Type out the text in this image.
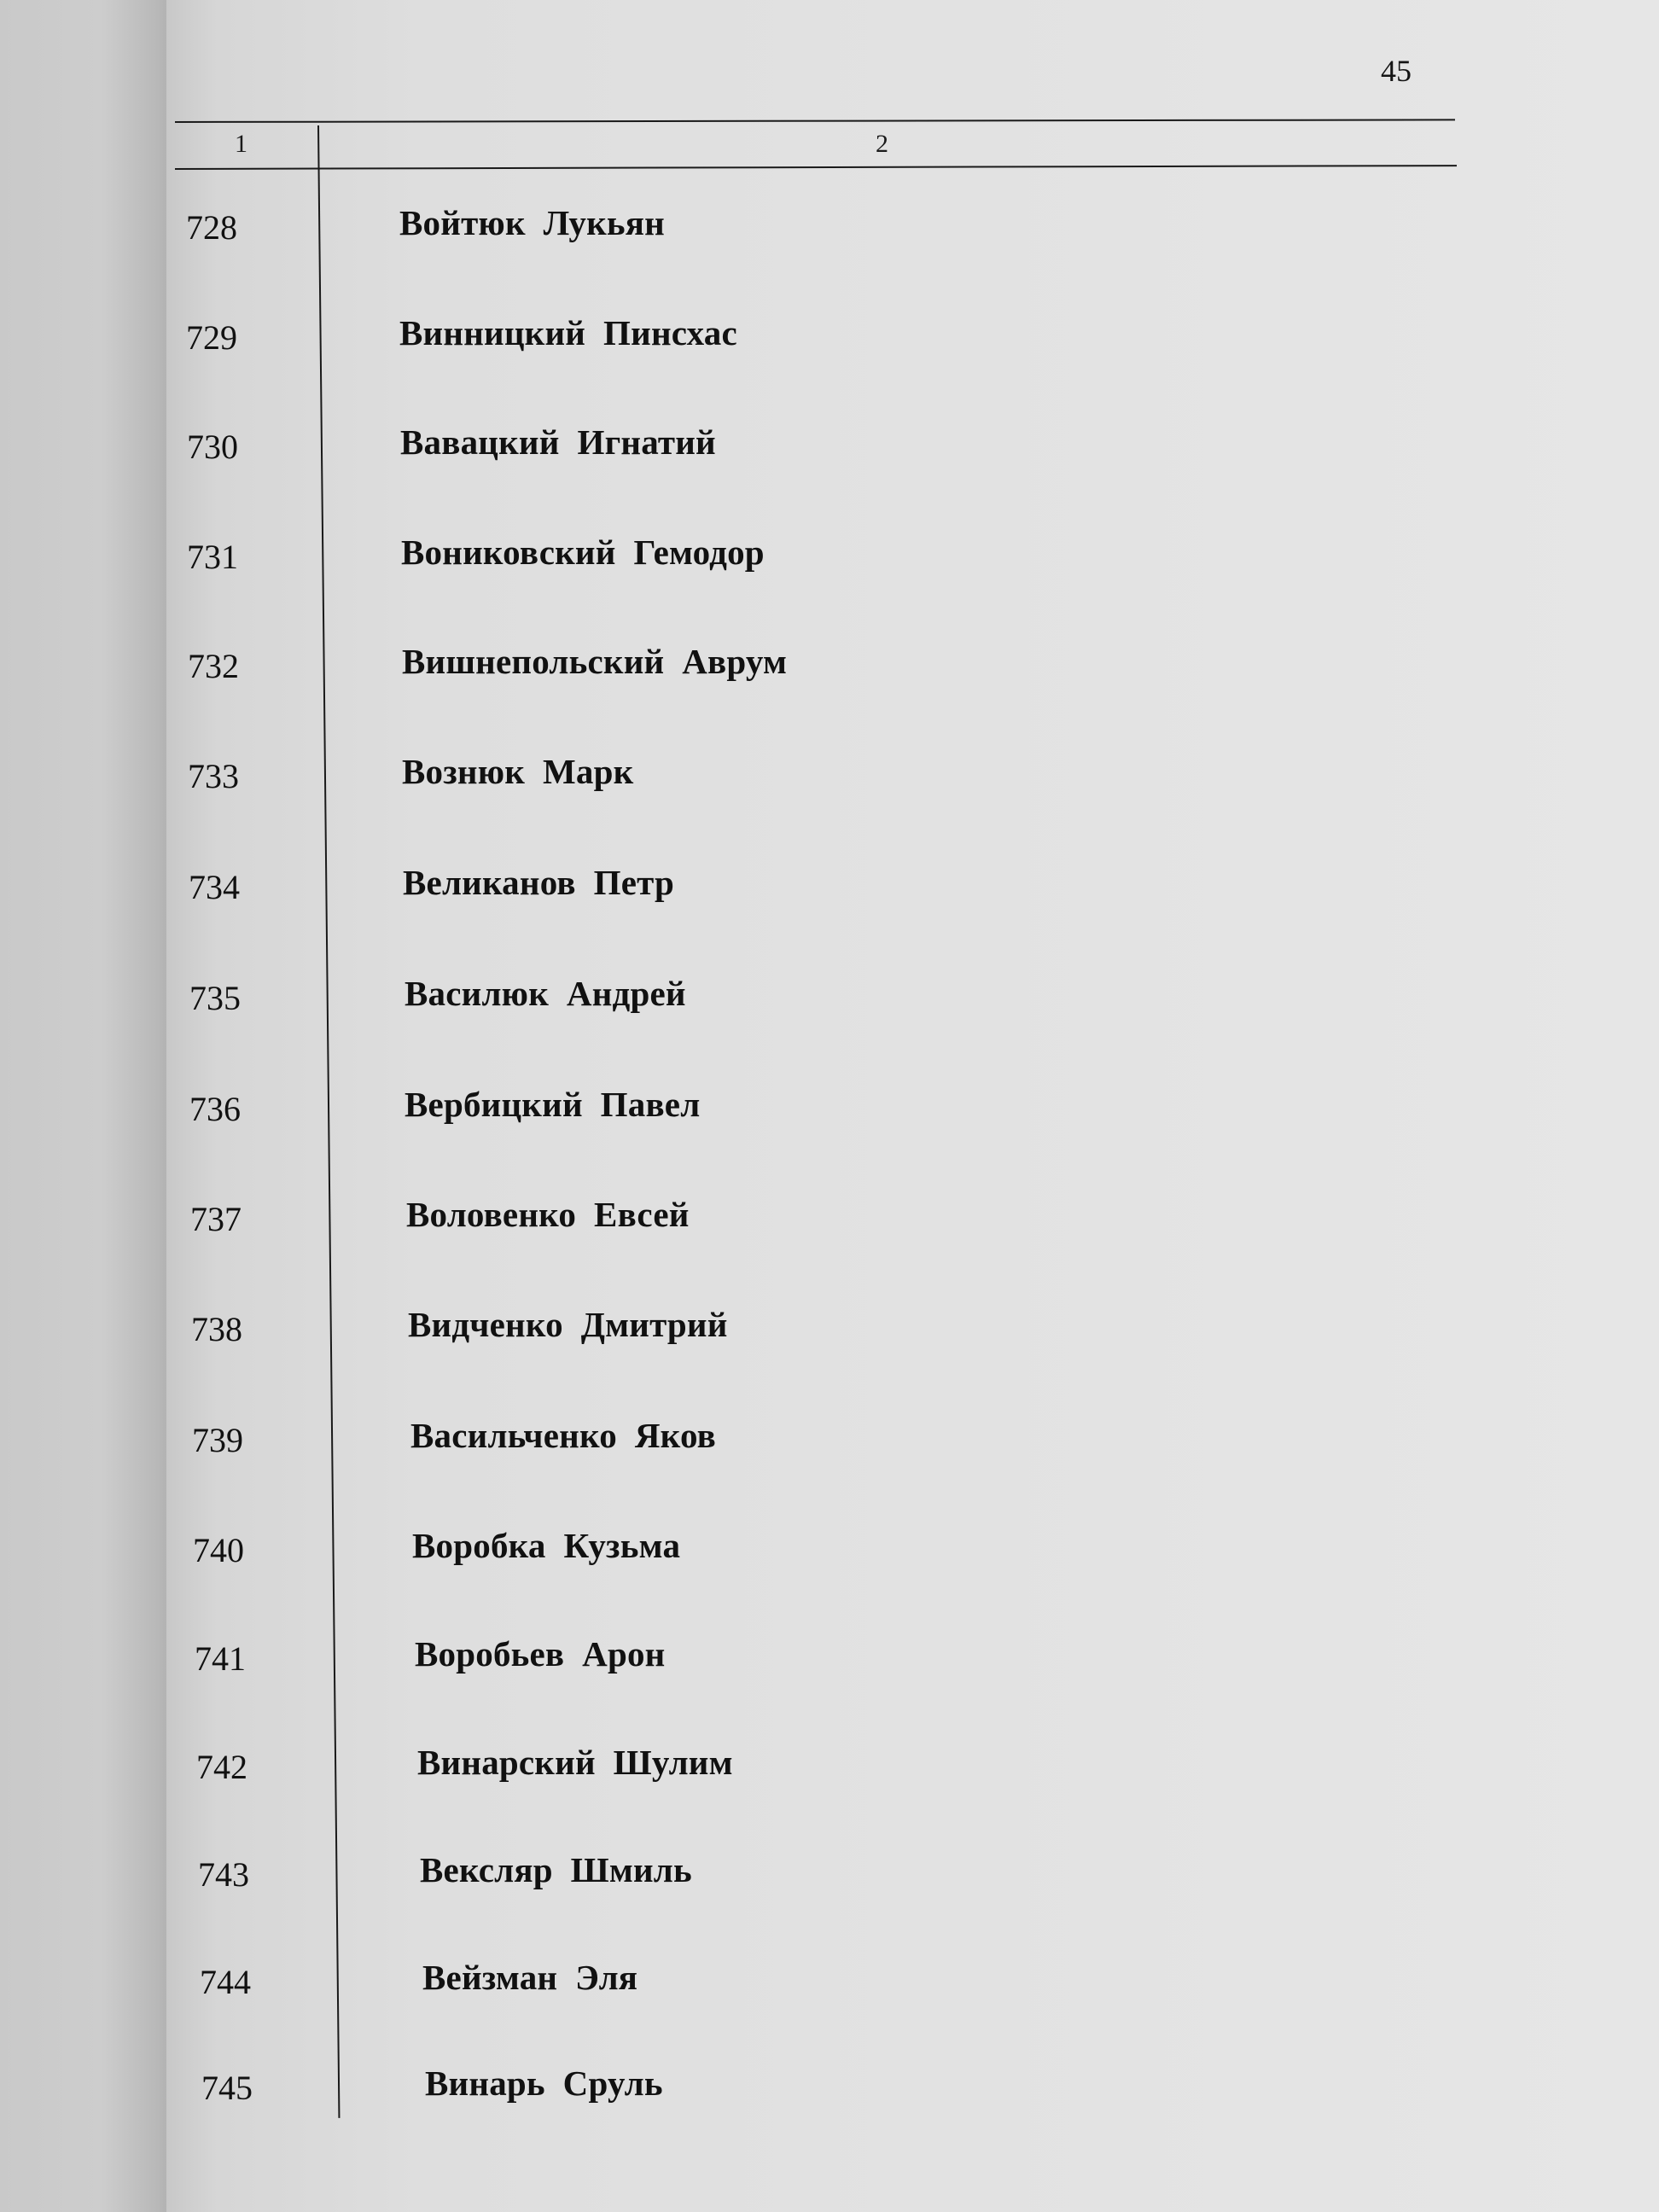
45
1	2
728	Войтюк  Лукьян
729	Винницкий  Пинсхас
730	Вавацкий  Игнатий
731	Вониковский  Гемодор
732	Вишнепольский  Аврум
733	Вознюк  Марк
734	Великанов  Петр
735	Василюк  Андрей
736	Вербицкий  Павел
737	Воловенко  Евсей
738	Видченко  Дмитрий
739	Васильченко  Яков
740	Воробка  Кузьма
741	Воробьев  Арон
742	Винарский  Шулим
743	Вексляр  Шмиль
744	Вейзман  Эля
745	Винарь  Сруль
